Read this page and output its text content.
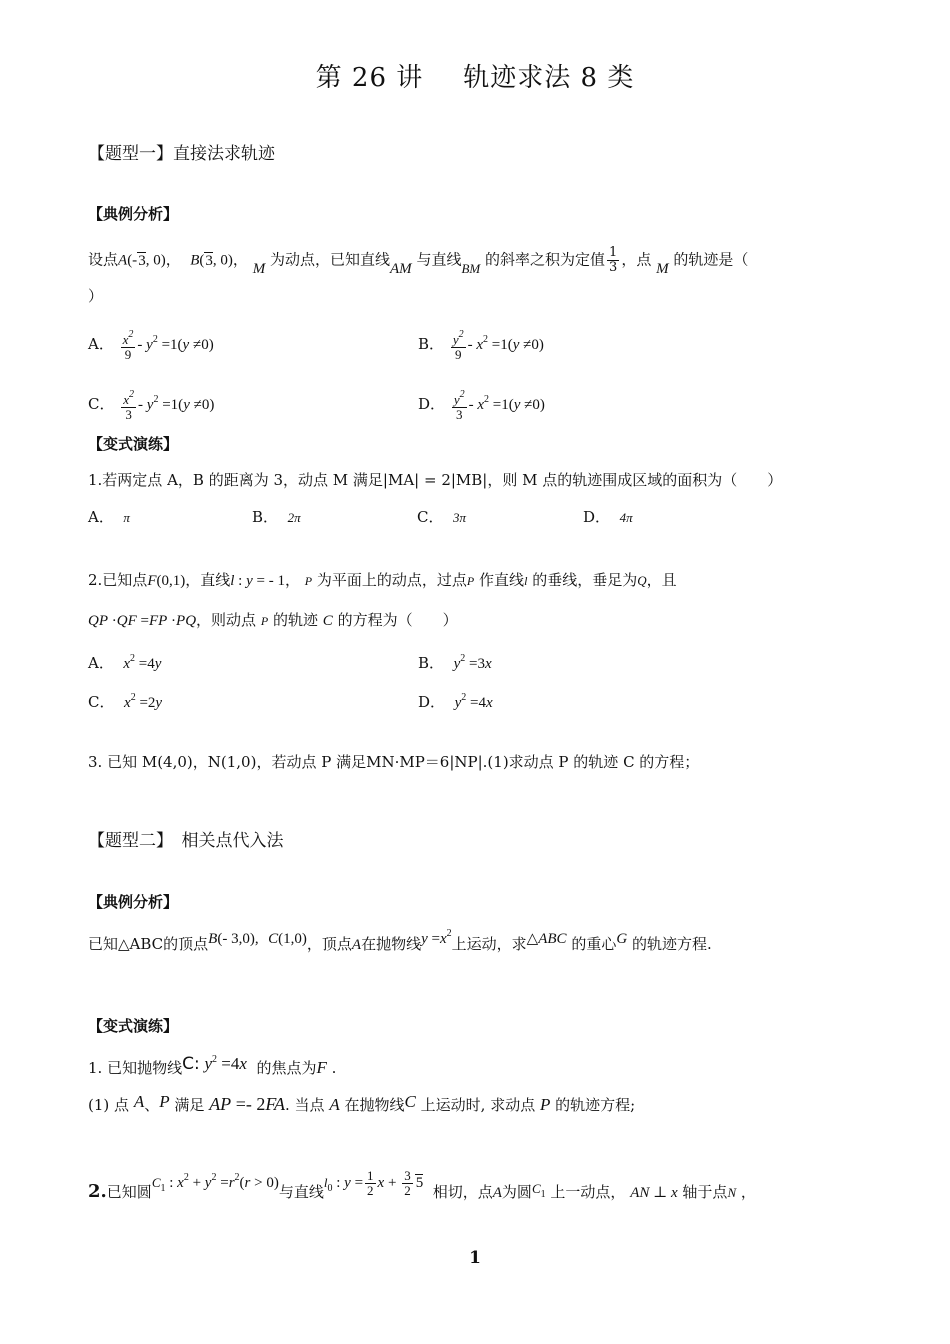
第 26 讲 轨迹求法 8 类
【题型一】直接法求轨迹
【典例分析】
设点A(-3, 0)，  B(3, 0)， M 为动点，已知直线AM 与直线BM 的斜率之积为定值 $\frac{1}{3}$ ，点 M 的轨迹是（
）
A． $\frac{x^2}{9} - y^2 =1(y \ne 0)$	B． $\frac{y^2}{9} - x^2 =1(y \ne 0)$
C． $\frac{x^2}{3} - y^2 =1(y \ne 0)$	D． $\frac{y^2}{3} - x^2 =1(y \ne 0)$
【变式演练】
1.若两定点 A，B 的距离为 3，动点 M 满足|MA| = 2|MB|，则 M 点的轨迹围成区域的面积为（　　）
A．  π	B．  2π	C．  3π	D．  4π
2.已知点F(0,1)，直线l : y = - 1， P 为平面上的动点，过点P 作直线l 的垂线，垂足为Q，且
QP ·QF =FP ·PQ，则动点 P 的轨迹 C 的方程为（　　）
A．  $x^2 =4y$	B．  $y^2 =3x$
C．  $x^2 =2y$	D．  $y^2 =4x$
3. 已知 M(4,0)，N(1,0)，若动点 P 满足MN·MP＝6|NP|.(1)求动点 P 的轨迹 C 的方程；
【题型二】　相关点代入法
【典例分析】
已知△ABC的顶点B(- 3,0), C(1,0)，顶点A在抛物线$y =x^2$上运动，求△ABC 的重心G 的轨迹方程.
【变式演练】
1. 已知抛物线C: $y^2 =4x$ 的焦点为F .
(1) 点 A、P 满足 AP =- 2FA. 当点 A 在抛物线C 上运动时, 求动点 P 的轨迹方程;
2.已知圆$C_1$ : $x^2 + y^2 =r^2(r > 0)$与直线$l_0$ : $y = \frac{1}{2}$ $x + \frac{3}{2} 5$ 相切，点A为圆$C_1$ 上一动点， AN ⊥ x 轴于点N ，
1
